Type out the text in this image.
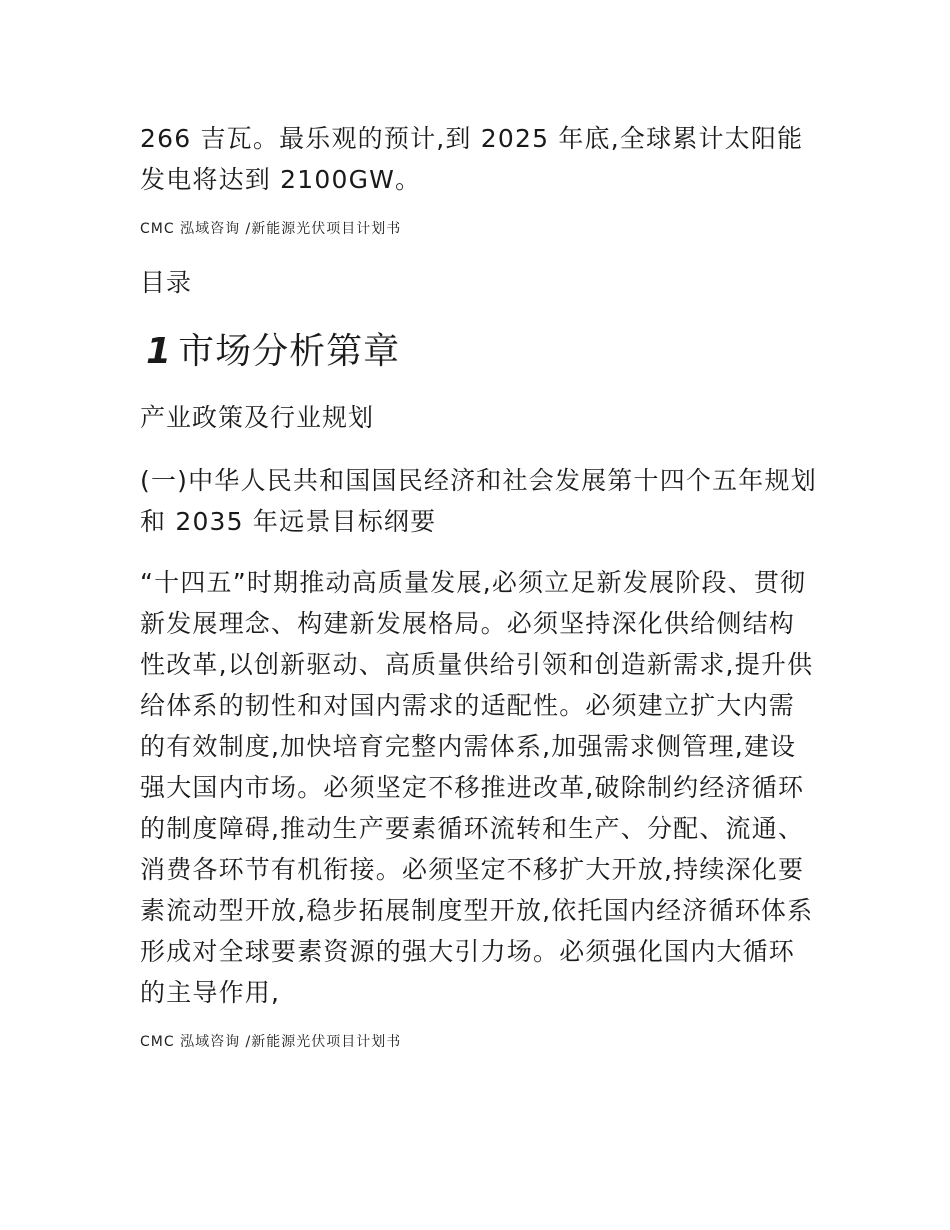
266 吉瓦。最乐观的预计,到 2025 年底,全球累计太阳能发电将达到 2100GW。

CMC 泓域咨询 /新能源光伏项目计划书
目录
1 市场分析第章
产业政策及行业规划

(一)中华人民共和国国民经济和社会发展第十四个五年规划和 2035 年远景目标纲要

“十四五”时期推动高质量发展,必须立足新发展阶段、贯彻新发展理念、构建新发展格局。必须坚持深化供给侧结构性改革,以创新驱动、高质量供给引领和创造新需求,提升供给体系的韧性和对国内需求的适配性。必须建立扩大内需的有效制度,加快培育完整内需体系,加强需求侧管理,建设强大国内市场。必须坚定不移推进改革,破除制约经济循环的制度障碍,推动生产要素循环流转和生产、分配、流通、消费各环节有机衔接。必须坚定不移扩大开放,持续深化要素流动型开放,稳步拓展制度型开放,依托国内经济循环体系形成对全球要素资源的强大引力场。必须强化国内大循环的主导作用,

CMC 泓域咨询 /新能源光伏项目计划书
